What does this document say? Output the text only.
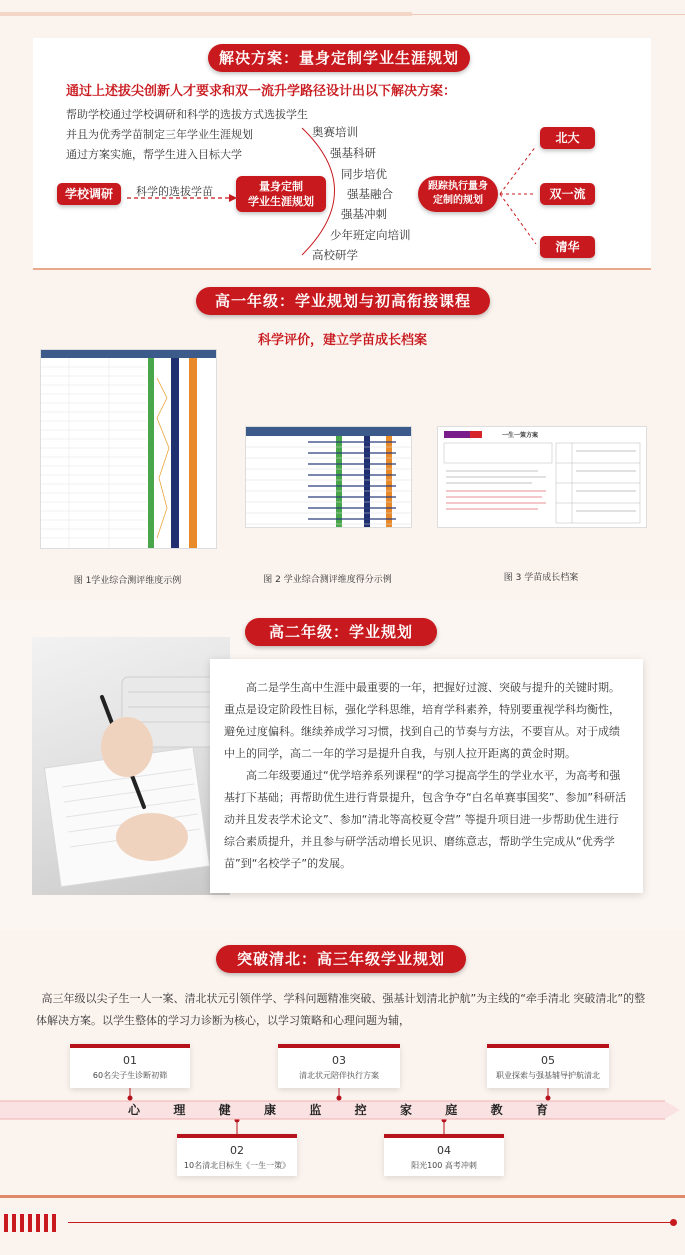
解决方案：量身定制学业生涯规划
通过上述拔尖创新人才要求和双一流升学路径设计出以下解决方案：
帮助学校通过学校调研和科学的选拔方式选拔学生
并且为优秀学苗制定三年学业生涯规划
通过方案实施，帮学生进入目标大学
学校调研	科学的选拔学苗	量身定制
学业生涯规划
奥赛培训
强基科研
同步培优
强基融合
强基冲刺
少年班定向培训
高校研学
跟踪执行量身
定制的规划
北大
双一流
清华
高一年级：学业规划与初高衔接课程
科学评价，建立学苗成长档案
一生一策方案
图 1学业综合测评维度示例	图 2 学业综合测评维度得分示例	图 3 学苗成长档案
高二年级：学业规划

高二是学生高中生涯中最重要的一年，把握好过渡、突破与提升的关键时期。重点是设定阶段性目标，强化学科思维，培育学科素养，特别要重视学科均衡性，避免过度偏科。继续养成学习习惯，找到自己的节奏与方法，不要盲从。对于成绩中上的同学，高二一年的学习是提升自我，与别人拉开距离的黄金时期。

高二年级要通过“优学培养系列课程“的学习提高学生的学业水平，为高考和强基打下基础；再帮助优生进行背景提升，包含争夺“白名单赛事国奖”、参加”科研活动并且发表学术论文”、参加“清北等高校夏令营” 等提升项目进一步帮助优生进行综合素质提升，并且参与研学活动增长见识、磨练意志，帮助学生完成从“优秀学苗”到“名校学子”的发展。

突破清北：高三年级学业规划
高三年级以尖子生一人一案、清北状元引领伴学、学科问题精准突破、强基计划清北护航”为主线的“牵手清北 突破清北”的整体解决方案。以学生整体的学习力诊断为核心，以学习策略和心理问题为辅，
01
60名尖子生诊断初筛
03
清北状元陪伴执行方案
05
职业探索与强基辅导护航清北
心	理	健	康	监	控	家	庭	教	育
02
10名清北目标生《一生一策》
04
阳光100 高考冲刺
